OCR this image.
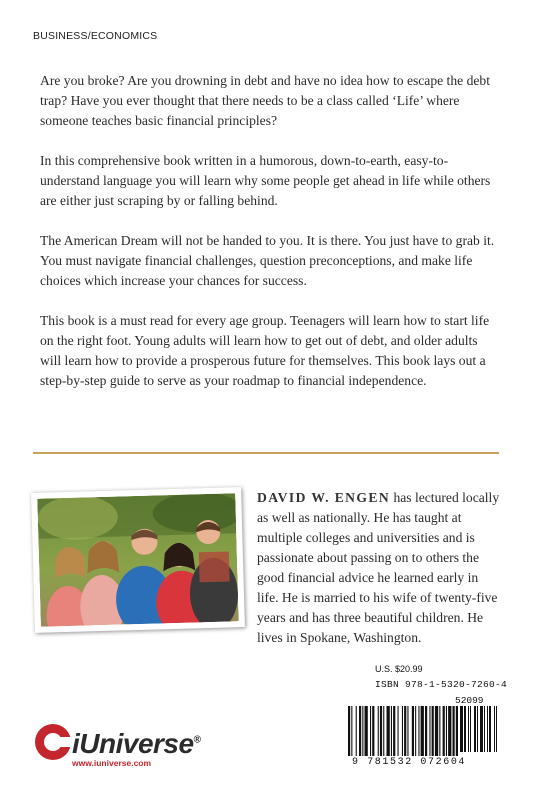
BUSINESS/ECONOMICS

Are you broke? Are you drowning in debt and have no idea how to escape the debt trap? Have you ever thought that there needs to be a class called ‘Life’ where someone teaches basic financial principles?

In this comprehensive book written in a humorous, down-to-earth, easy-to-understand language you will learn why some people get ahead in life while others are either just scraping by or falling behind.

The American Dream will not be handed to you. It is there. You just have to grab it. You must navigate financial challenges, question preconceptions, and make life choices which increase your chances for success.

This book is a must read for every age group. Teenagers will learn how to start life on the right foot. Young adults will learn how to get out of debt, and older adults will learn how to provide a prosperous future for themselves. This book lays out a step-by-step guide to serve as your roadmap to financial independence.

DAVID W. ENGEN has lectured locally as well as nationally. He has taught at multiple colleges and universities and is passionate about passing on to others the good financial advice he learned early in life. He is married to his wife of twenty-five years and has three beautiful children. He lives in Spokane, Washington.
U.S. $20.99
ISBN 978-1-5320-7260-4
52099
9 781532 072604
iUniverse®
www.iuniverse.com
